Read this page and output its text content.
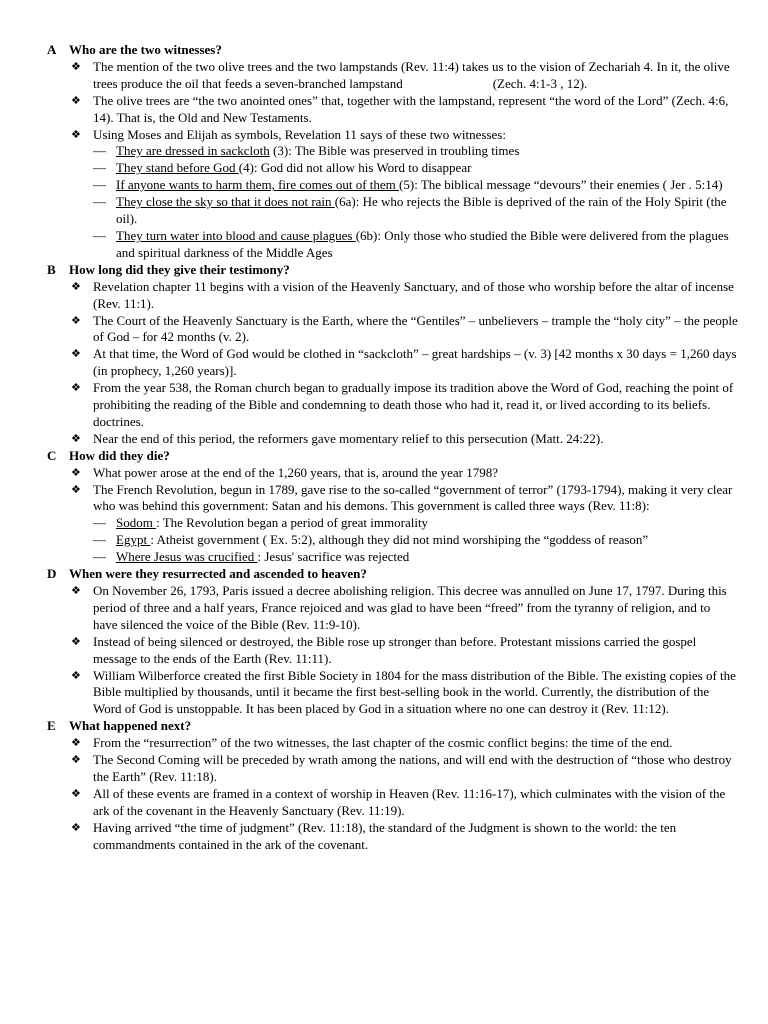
A Who are the two witnesses?
❖ The mention of the two olive trees and the two lampstands (Rev. 11:4) takes us to the vision of Zechariah 4. In it, the olive trees produce the oil that feeds a seven-branched lampstand	(Zech. 4:1-3 , 12).
❖ The olive trees are “the two anointed ones” that, together with the lampstand, represent “the word of the Lord” (Zech. 4:6, 14). That is, the Old and New Testaments.
❖ Using Moses and Elijah as symbols, Revelation 11 says of these two witnesses:
— They are dressed in sackcloth (3): The Bible was preserved in troubling times
— They stand before God (4): God did not allow his Word to disappear
— If anyone wants to harm them, fire comes out of them (5): The biblical message “devours” their enemies ( Jer . 5:14)
— They close the sky so that it does not rain (6a): He who rejects the Bible is deprived of the rain of the Holy Spirit (the oil).
— They turn water into blood and cause plagues (6b): Only those who studied the Bible were delivered from the plagues and spiritual darkness of the Middle Ages
B How long did they give their testimony?
❖ Revelation chapter 11 begins with a vision of the Heavenly Sanctuary, and of those who worship before the altar of incense (Rev. 11:1).
❖ The Court of the Heavenly Sanctuary is the Earth, where the “Gentiles” – unbelievers – trample the “holy city” – the people of God – for 42 months (v. 2).
❖ At that time, the Word of God would be clothed in “sackcloth” – great hardships – (v. 3) [42 months x 30 days = 1,260 days (in prophecy, 1,260 years)].
❖ From the year 538, the Roman church began to gradually impose its tradition above the Word of God, reaching the point of prohibiting the reading of the Bible and condemning to death those who had it, read it, or lived according to its beliefs. doctrines.
❖ Near the end of this period, the reformers gave momentary relief to this persecution (Matt. 24:22).
C How did they die?
❖ What power arose at the end of the 1,260 years, that is, around the year 1798?
❖ The French Revolution, begun in 1789, gave rise to the so-called “government of terror” (1793-1794), making it very clear who was behind this government: Satan and his demons. This government is called three ways (Rev. 11:8):
— Sodom : The Revolution began a period of great immorality
— Egypt : Atheist government ( Ex. 5:2), although they did not mind worshiping the “goddess of reason”
— Where Jesus was crucified : Jesus' sacrifice was rejected
D When were they resurrected and ascended to heaven?
❖ On November 26, 1793, Paris issued a decree abolishing religion. This decree was annulled on June 17, 1797. During this period of three and a half years, France rejoiced and was glad to have been “freed” from the tyranny of religion, and to have silenced the voice of the Bible (Rev. 11:9-10).
❖ Instead of being silenced or destroyed, the Bible rose up stronger than before. Protestant missions carried the gospel message to the ends of the Earth (Rev. 11:11).
❖ William Wilberforce created the first Bible Society in 1804 for the mass distribution of the Bible. The existing copies of the Bible multiplied by thousands, until it became the first best-selling book in the world. Currently, the distribution of the Word of God is unstoppable. It has been placed by God in a situation where no one can destroy it (Rev. 11:12).
E What happened next?
❖ From the “resurrection” of the two witnesses, the last chapter of the cosmic conflict begins: the time of the end.
❖ The Second Coming will be preceded by wrath among the nations, and will end with the destruction of “those who destroy the Earth” (Rev. 11:18).
❖ All of these events are framed in a context of worship in Heaven (Rev. 11:16-17), which culminates with the vision of the ark of the covenant in the Heavenly Sanctuary (Rev. 11:19).
❖ Having arrived “the time of judgment” (Rev. 11:18), the standard of the Judgment is shown to the world: the ten commandments contained in the ark of the covenant.
